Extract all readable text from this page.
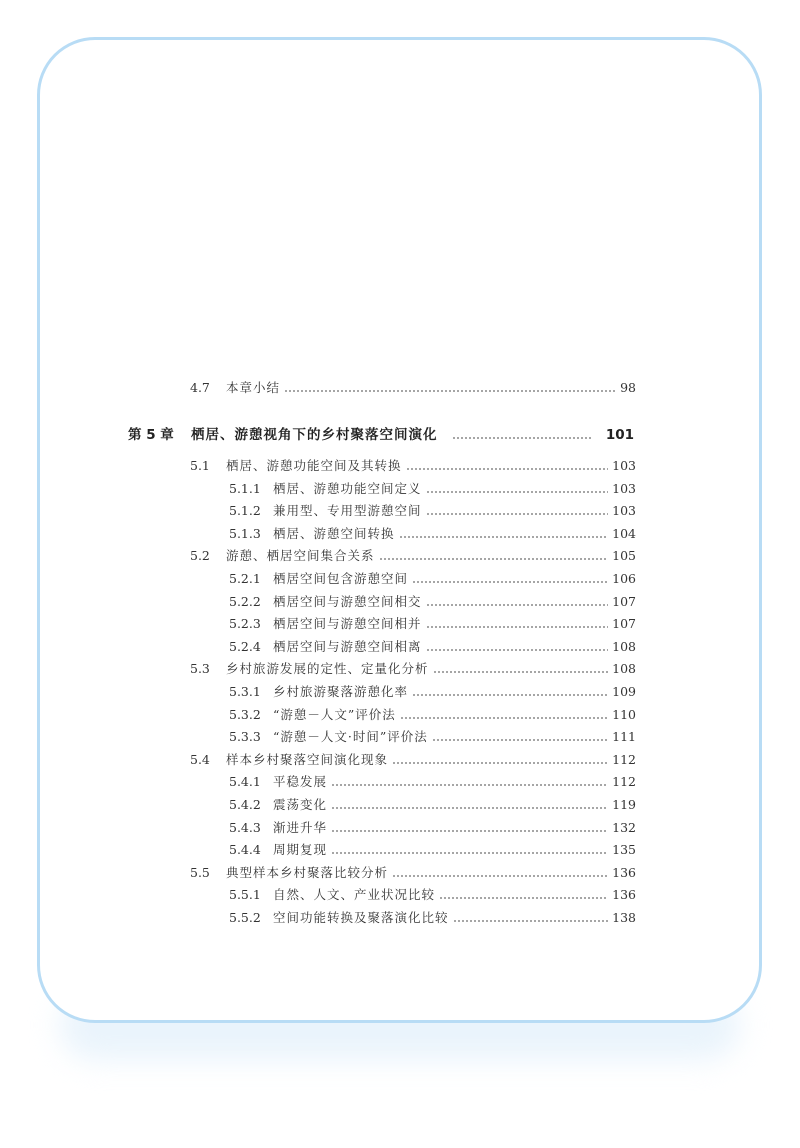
4.7	本章小结	98
第 5 章	栖居、游憩视角下的乡村聚落空间演化	101
5.1	栖居、游憩功能空间及其转换	103
5.1.1 栖居、游憩功能空间定义	103
5.1.2 兼用型、专用型游憩空间	103
5.1.3 栖居、游憩空间转换	104
5.2	游憩、栖居空间集合关系	105
5.2.1 栖居空间包含游憩空间	106
5.2.2 栖居空间与游憩空间相交	107
5.2.3 栖居空间与游憩空间相并	107
5.2.4 栖居空间与游憩空间相离	108
5.3	乡村旅游发展的定性、定量化分析	108
5.3.1 乡村旅游聚落游憩化率	109
5.3.2 “游憩－人文”评价法	110
5.3.3 “游憩－人文·时间”评价法	111
5.4	样本乡村聚落空间演化现象	112
5.4.1 平稳发展	112
5.4.2 震荡变化	119
5.4.3 渐进升华	132
5.4.4 周期复现	135
5.5	典型样本乡村聚落比较分析	136
5.5.1 自然、人文、产业状况比较	136
5.5.2 空间功能转换及聚落演化比较	138
